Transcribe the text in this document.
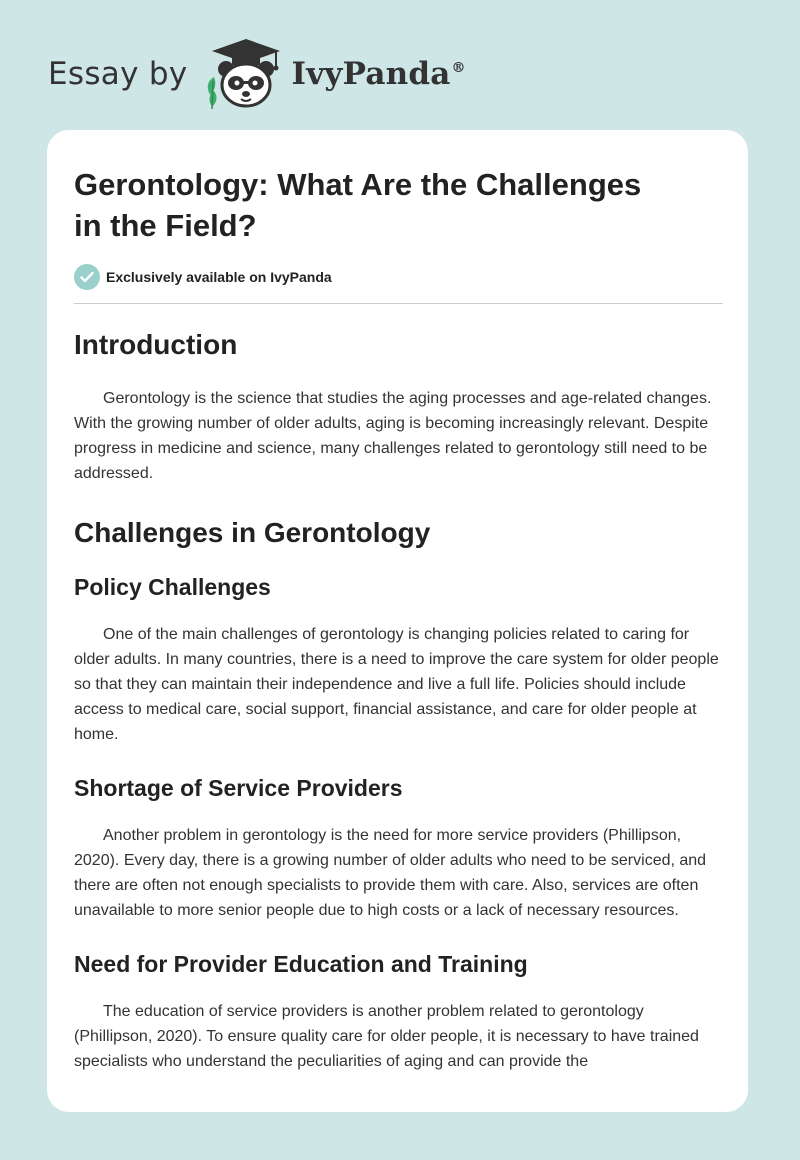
Essay by	IvyPanda®
Gerontology: What Are the Challenges
in the Field?
Exclusively available on IvyPanda
Introduction

Gerontology is the science that studies the aging processes and age-related changes. With the growing number of older adults, aging is becoming increasingly relevant. Despite progress in medicine and science, many challenges related to gerontology still need to be addressed.

Challenges in Gerontology
Policy Challenges

One of the main challenges of gerontology is changing policies related to caring for older adults. In many countries, there is a need to improve the care system for older people so that they can maintain their independence and live a full life. Policies should include access to medical care, social support, financial assistance, and care for older people at home.

Shortage of Service Providers

Another problem in gerontology is the need for more service providers (Phillipson, 2020). Every day, there is a growing number of older adults who need to be serviced, and there are often not enough specialists to provide them with care. Also, services are often unavailable to more senior people due to high costs or a lack of necessary resources.

Need for Provider Education and Training

The education of service providers is another problem related to gerontology (Phillipson, 2020). To ensure quality care for older people, it is necessary to have trained specialists who understand the peculiarities of aging and can provide the
